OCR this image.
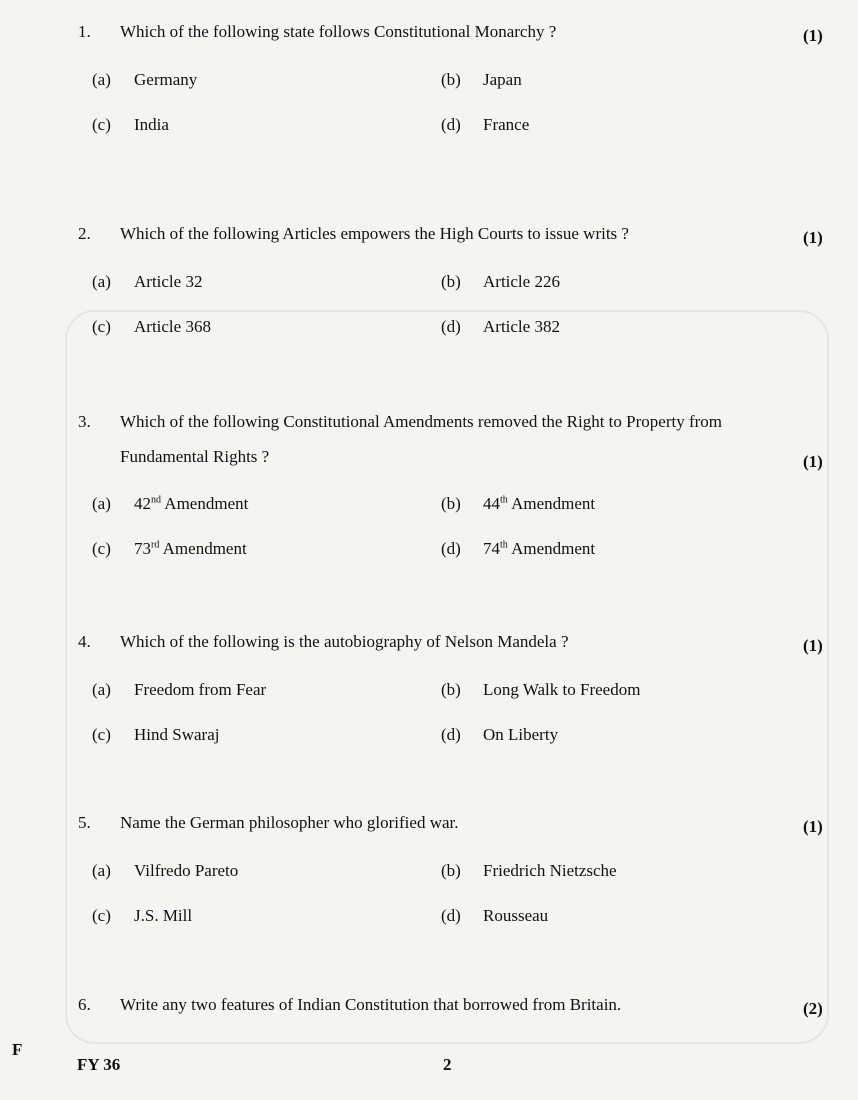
1. Which of the following state follows Constitutional Monarchy ?	(1)
(a) Germany	(b) Japan
(c) India	(d) France
2. Which of the following Articles empowers the High Courts to issue writs ?	(1)
(a) Article 32	(b) Article 226
(c) Article 368	(d) Article 382
3. Which of the following Constitutional Amendments removed the Right to Property from Fundamental Rights ?	(1)
(a) 42nd Amendment	(b) 44th Amendment
(c) 73rd Amendment	(d) 74th Amendment
4. Which of the following is the autobiography of Nelson Mandela ?	(1)
(a) Freedom from Fear	(b) Long Walk to Freedom
(c) Hind Swaraj	(d) On Liberty
5. Name the German philosopher who glorified war.	(1)
(a) Vilfredo Pareto	(b) Friedrich Nietzsche
(c) J.S. Mill	(d) Rousseau
6. Write any two features of Indian Constitution that borrowed from Britain.	(2)
F
FY 36	2
